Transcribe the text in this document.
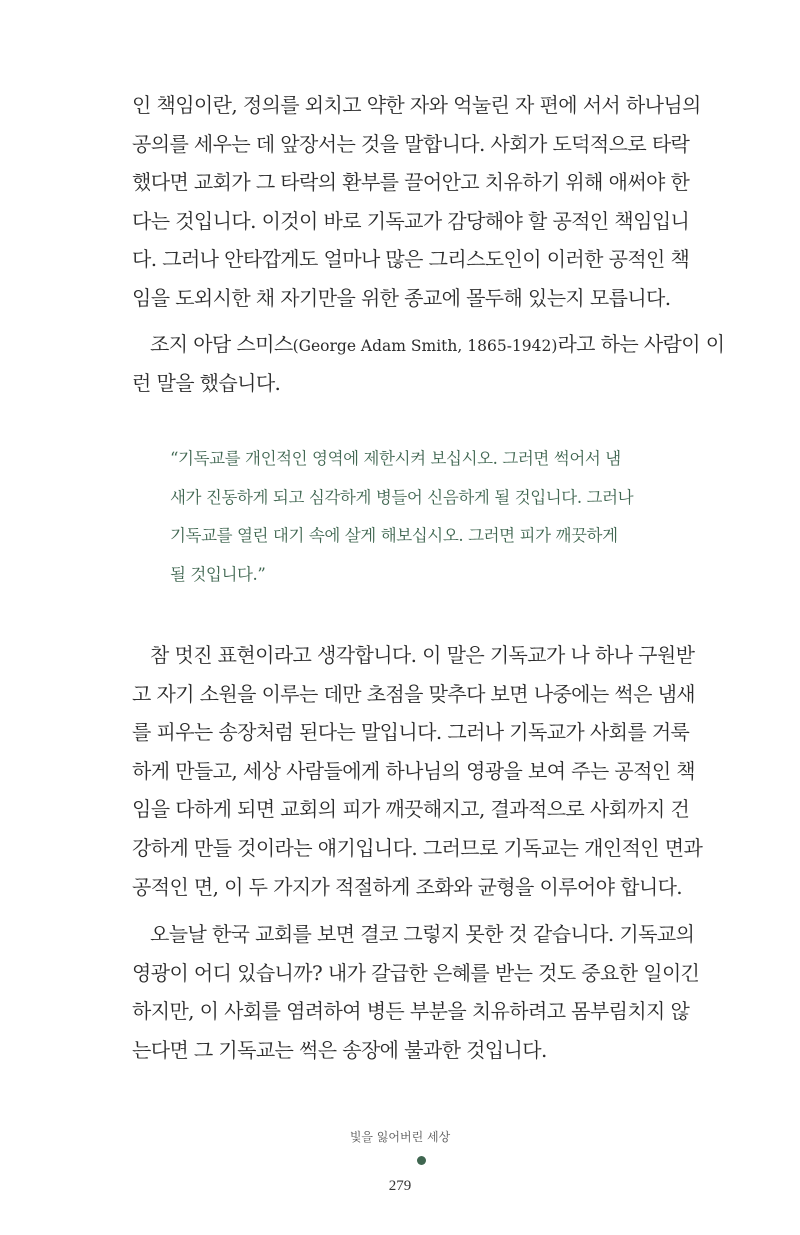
인 책임이란, 정의를 외치고 약한 자와 억눌린 자 편에 서서 하나님의
공의를 세우는 데 앞장서는 것을 말합니다. 사회가 도덕적으로 타락
했다면 교회가 그 타락의 환부를 끌어안고 치유하기 위해 애써야 한
다는 것입니다. 이것이 바로 기독교가 감당해야 할 공적인 책임입니
다. 그러나 안타깝게도 얼마나 많은 그리스도인이 이러한 공적인 책
임을 도외시한 채 자기만을 위한 종교에 몰두해 있는지 모릅니다.
조지 아담 스미스(George Adam Smith, 1865-1942)라고 하는 사람이 이
런 말을 했습니다.
“기독교를 개인적인 영역에 제한시켜 보십시오. 그러면 썩어서 냄
새가 진동하게 되고 심각하게 병들어 신음하게 될 것입니다. 그러나
기독교를 열린 대기 속에 살게 해보십시오. 그러면 피가 깨끗하게
될 것입니다.”
참 멋진 표현이라고 생각합니다. 이 말은 기독교가 나 하나 구원받
고 자기 소원을 이루는 데만 초점을 맞추다 보면 나중에는 썩은 냄새
를 피우는 송장처럼 된다는 말입니다. 그러나 기독교가 사회를 거룩
하게 만들고, 세상 사람들에게 하나님의 영광을 보여 주는 공적인 책
임을 다하게 되면 교회의 피가 깨끗해지고, 결과적으로 사회까지 건
강하게 만들 것이라는 얘기입니다. 그러므로 기독교는 개인적인 면과
공적인 면, 이 두 가지가 적절하게 조화와 균형을 이루어야 합니다.
오늘날 한국 교회를 보면 결코 그렇지 못한 것 같습니다. 기독교의
영광이 어디 있습니까? 내가 갈급한 은혜를 받는 것도 중요한 일이긴
하지만, 이 사회를 염려하여 병든 부분을 치유하려고 몸부림치지 않
는다면 그 기독교는 썩은 송장에 불과한 것입니다.
빛을 잃어버린 세상
279
